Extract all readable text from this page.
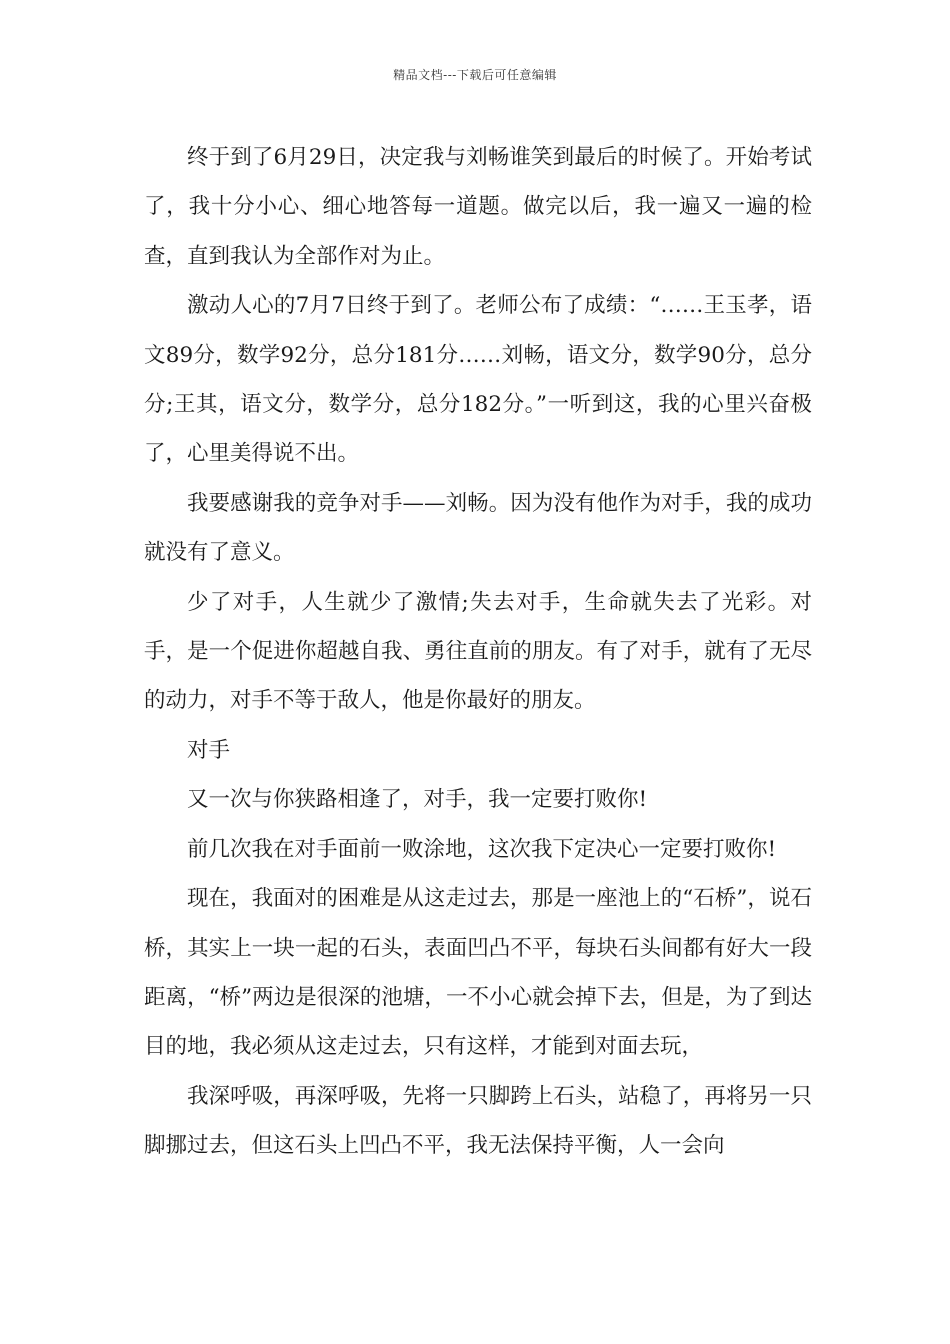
精品文档---下载后可任意编辑

终于到了6月29日，决定我与刘畅谁笑到最后的时候了。开始考试了，我十分小心、细心地答每一道题。做完以后，我一遍又一遍的检查，直到我认为全部作对为止。

激动人心的7月7日终于到了。老师公布了成绩：“……王玉孝，语文89分，数学92分，总分181分……刘畅，语文分，数学90分，总分分;王其，语文分，数学分，总分182分。”一听到这，我的心里兴奋极了，心里美得说不出。

我要感谢我的竞争对手——刘畅。因为没有他作为对手，我的成功就没有了意义。

少了对手，人生就少了激情;失去对手，生命就失去了光彩。对手，是一个促进你超越自我、勇往直前的朋友。有了对手，就有了无尽的动力，对手不等于敌人，他是你最好的朋友。

对手

又一次与你狭路相逢了，对手，我一定要打败你!

前几次我在对手面前一败涂地，这次我下定决心一定要打败你!

现在，我面对的困难是从这走过去，那是一座池上的“石桥”，说石桥，其实上一块一起的石头，表面凹凸不平，每块石头间都有好大一段距离，“桥”两边是很深的池塘，一不小心就会掉下去，但是，为了到达目的地，我必须从这走过去，只有这样，才能到对面去玩，

我深呼吸，再深呼吸，先将一只脚跨上石头，站稳了，再将另一只脚挪过去，但这石头上凹凸不平，我无法保持平衡，人一会向
